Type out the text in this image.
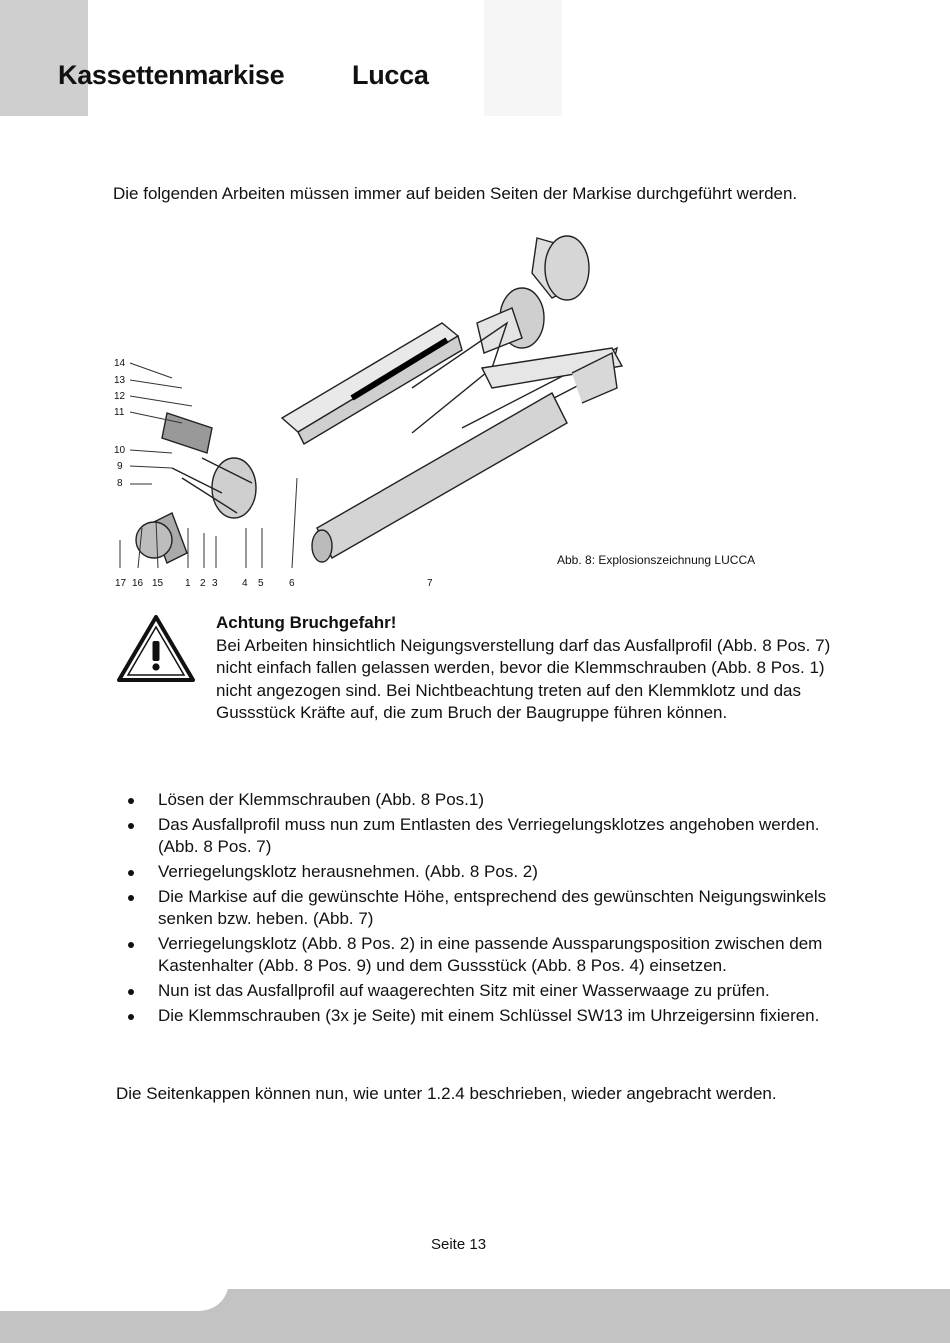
Kassettenmarkise	Lucca

Die folgenden Arbeiten müssen immer auf beiden Seiten der Markise durchgeführt werden.

14
13
12
11
10
9
8
17 16 15 1 2 3 4 5	6	7
Abb. 8: Explosionszeichnung LUCCA
Achtung Bruchgefahr!
Bei Arbeiten hinsichtlich Neigungsverstellung darf das Ausfallprofil (Abb. 8 Pos. 7) nicht einfach fallen gelassen werden, bevor die Klemmschrauben (Abb. 8 Pos. 1) nicht angezogen sind. Bei Nichtbeachtung treten auf den Klemmklotz und das Gussstück Kräfte auf, die zum Bruch der Baugruppe führen können.
Lösen der Klemmschrauben (Abb. 8 Pos.1)
Das Ausfallprofil muss nun zum Entlasten des Verriegelungsklotzes angehoben werden. (Abb. 8 Pos. 7)
Verriegelungsklotz herausnehmen. (Abb. 8 Pos. 2)
Die Markise auf die gewünschte Höhe, entsprechend des gewünschten Neigungswinkels senken bzw. heben. (Abb. 7)
Verriegelungsklotz (Abb. 8 Pos. 2) in eine passende Aussparungsposition zwischen dem Kastenhalter (Abb. 8 Pos. 9) und dem Gussstück (Abb. 8 Pos. 4) einsetzen.
Nun ist das Ausfallprofil auf waagerechten Sitz mit einer Wasserwaage zu prüfen.
Die Klemmschrauben (3x je Seite) mit einem Schlüssel SW13 im Uhrzeigersinn fixieren.
Die Seitenkappen können nun, wie unter 1.2.4 beschrieben, wieder angebracht werden.
Seite 13
